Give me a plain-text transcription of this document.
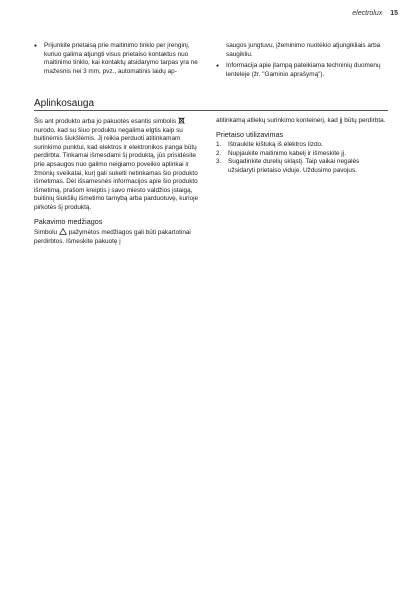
electrolux 15
● Prijunkite prietaisą prie maitinimo tinklo per įrenginį, kuriuo galima atjungti visus prietaiso kontaktus nuo maitinimo tinklo, kai kontaktų atsidarymo tarpas yra ne mažesnis nei 3 mm, pvz., automatinis laidų ap-
saugos jungtuvu, įžeminimo nuotėkio atjungikliais arba saugikliu.
● Informacija apie įtampą pateikiama techninių duomenų lentelėje (žr. "Gaminio aprašymą").
Aplinkosauga

Šis ant produkto arba jo pakuotės esantis simbolis  nurodo, kad su šiuo produktu negalima elgtis kaip su buitinėmis šiukšlėmis. Jį reikia perduoti atitinkamam surinkimo punktui, kad elektros ir elektronikos įranga būtų perdirbta. Tinkamai išmesdami šį produktą, jūs prisidėsite prie apsaugos nuo galimo neigiamo poveikio aplinkai ir žmonių sveikatai, kurį gali sukelti netinkamas šio produkto išmetimas. Dėl išsamesnės informacijos apie šio produkto išmetimą, prašom kreiptis į savo miesto valdžios įstaigą, buitinių šiukšlių išmetimo tarnybą arba parduotuvę, kurioje pirkotės šį produktą.

Pakavimo medžiagos

Simbolu pažymėtos medžiagos gali būti pakartotinai perdirbtos. Išmeskite pakuotę į

atitinkamą atliekų surinkimo konteinerį, kad jį būtų perdirbta.

Prietaiso utilizavimas
1. Ištraukite kištuką iš elektros lizdo.
2. Nupjaukite maitinimo kabelį ir išmeskite jį.
3. Sugadinkite durelių skląstį. Taip vaikai negalės užsidaryti prietaiso viduje. Uždusimo pavojus.
